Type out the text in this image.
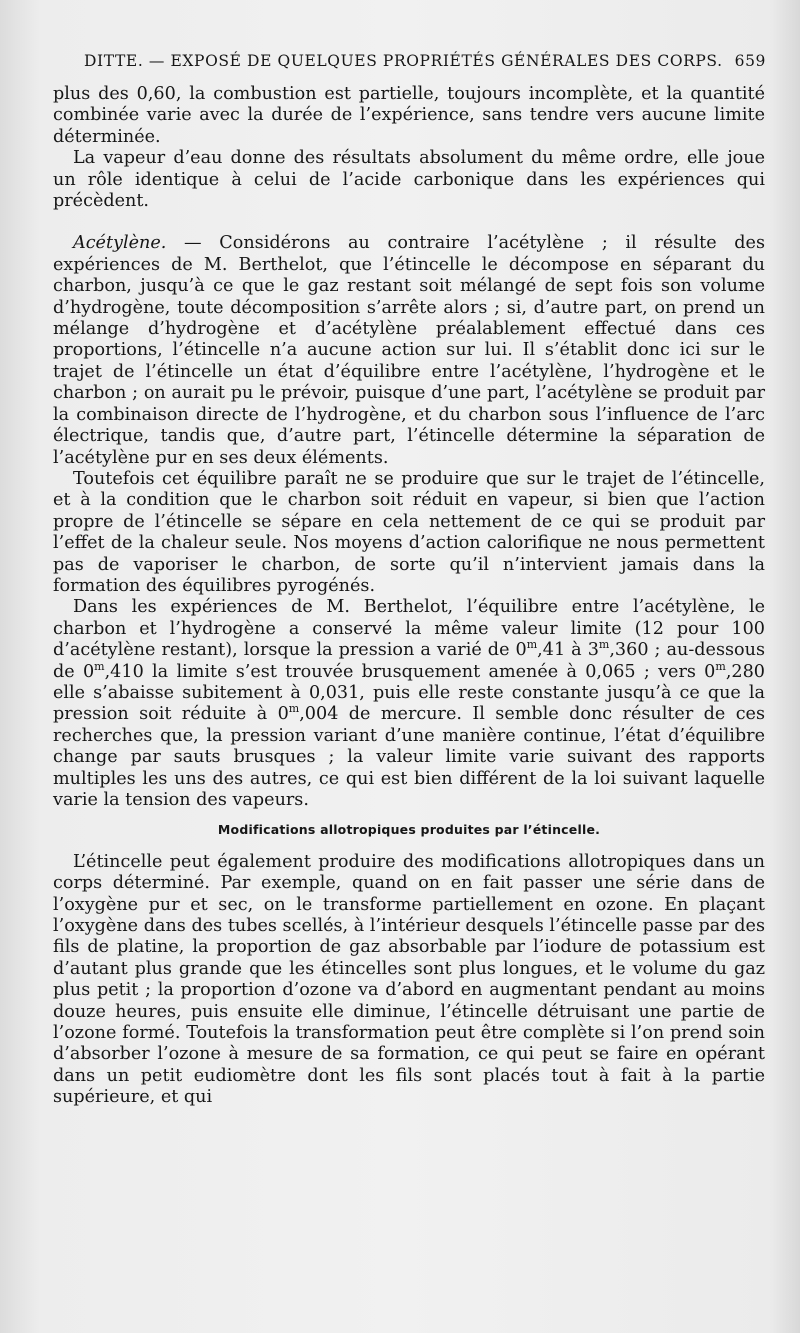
DITTE. — EXPOSÉ DE QUELQUES PROPRIÉTÉS GÉNÉRALES DES CORPS. 659

plus des 0,60, la combustion est partielle, toujours incomplète, et la quantité combinée varie avec la durée de l’expérience, sans tendre vers aucune limite déterminée.

La vapeur d’eau donne des résultats absolument du même ordre, elle joue un rôle identique à celui de l’acide carbonique dans les expériences qui précèdent.

Acétylène. — Considérons au contraire l’acétylène ; il résulte des expériences de M. Berthelot, que l’étincelle le décompose en séparant du charbon, jusqu’à ce que le gaz restant soit mélangé de sept fois son volume d’hydrogène, toute décomposition s’arrête alors ; si, d’autre part, on prend un mélange d’hydrogène et d’acétylène préalablement effectué dans ces proportions, l’étincelle n’a aucune action sur lui. Il s’établit donc ici sur le trajet de l’étincelle un état d’équilibre entre l’acétylène, l’hydrogène et le charbon ; on aurait pu le prévoir, puisque d’une part, l’acétylène se produit par la combinaison directe de l’hydrogène, et du charbon sous l’influence de l’arc électrique, tandis que, d’autre part, l’étincelle détermine la séparation de l’acétylène pur en ses deux éléments.

Toutefois cet équilibre paraît ne se produire que sur le trajet de l’étincelle, et à la condition que le charbon soit réduit en vapeur, si bien que l’action propre de l’étincelle se sépare en cela nettement de ce qui se produit par l’effet de la chaleur seule. Nos moyens d’action calorifique ne nous permettent pas de vaporiser le charbon, de sorte qu’il n’intervient jamais dans la formation des équilibres pyrogénés.

Dans les expériences de M. Berthelot, l’équilibre entre l’acétylène, le charbon et l’hydrogène a conservé la même valeur limite (12 pour 100 d’acétylène restant), lorsque la pression a varié de 0$^m$,41 à 3$^m$,360 ; au-dessous de 0$^m$,410 la limite s’est trouvée brusquement amenée à 0,065 ; vers 0$^m$,280 elle s’abaisse subitement à 0,031, puis elle reste constante jusqu’à ce que la pression soit réduite à 0$^m$,004 de mercure. Il semble donc résulter de ces recherches que, la pression variant d’une manière continue, l’état d’équilibre change par sauts brusques ; la valeur limite varie suivant des rapports multiples les uns des autres, ce qui est bien différent de la loi suivant laquelle varie la tension des vapeurs.

Modifications allotropiques produites par l’étincelle.

L’étincelle peut également produire des modifications allotropiques dans un corps déterminé. Par exemple, quand on en fait passer une série dans de l’oxygène pur et sec, on le transforme partiellement en ozone. En plaçant l’oxygène dans des tubes scellés, à l’intérieur desquels l’étincelle passe par des fils de platine, la proportion de gaz absorbable par l’iodure de potassium est d’autant plus grande que les étincelles sont plus longues, et le volume du gaz plus petit ; la proportion d’ozone va d’abord en augmentant pendant au moins douze heures, puis ensuite elle diminue, l’étincelle détruisant une partie de l’ozone formé. Toutefois la transformation peut être complète si l’on prend soin d’absorber l’ozone à mesure de sa formation, ce qui peut se faire en opérant dans un petit eudiomètre dont les fils sont placés tout à fait à la partie supérieure, et qui
